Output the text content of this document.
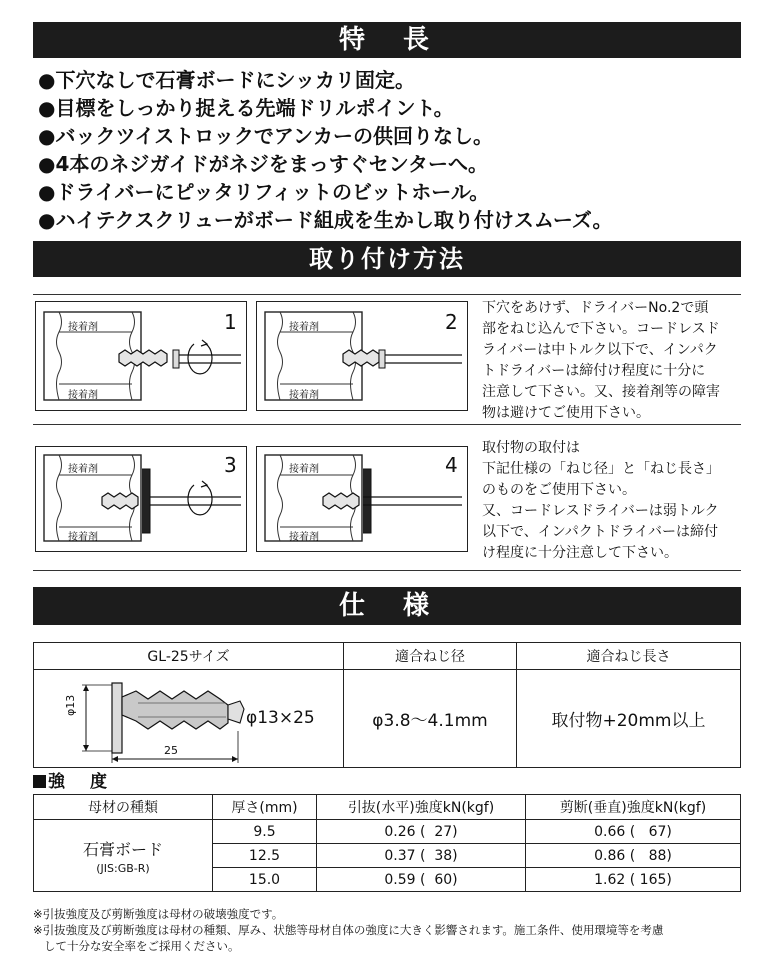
特　長
●下穴なしで石膏ボードにシッカリ固定。
●目標をしっかり捉える先端ドリルポイント。
●バックツイストロックでアンカーの供回りなし。
●4本のネジガイドがネジをまっすぐセンターへ。
●ドライバーにピッタリフィットのビットホール。
●ハイテクスクリューがボード組成を生かし取り付けスムーズ。
取り付け方法
接着剤
接着剤
1	接着剤
接着剤
2
接着剤
接着剤
3	接着剤
接着剤
4
下穴をあけず、ドライバーNo.2で頭
部をねじ込んで下さい。コードレスド
ライバーは中トルク以下で、インパク
トドライバーは締付け程度に十分に
注意して下さい。又、接着剤等の障害
物は避けてご使用下さい。
取付物の取付は
下記仕様の「ねじ径」と「ねじ長さ」
のものをご使用下さい。
又、コードレスドライバーは弱トルク
以下で、インパクトドライバーは締付
け程度に十分注意して下さい。
仕　様
GL-25サイズ	適合ねじ径	適合ねじ長さ

φ13
25
φ13×25	φ3.8〜4.1mm	取付物+20mm以上
強　度
母材の種類	厚さ(mm)	引抜(水平)強度kN(kgf)	剪断(垂直)強度kN(kgf)

石膏ボード
(JIS:GB-R)	9.5	0.26 (  27)	0.66 (   67)
	12.5	0.37 (  38)	0.86 (   88)
	15.0	0.59 (  60)	1.62 ( 165)
※引抜強度及び剪断強度は母材の破壊強度です。
※引抜強度及び剪断強度は母材の種類、厚み、状態等母材自体の強度に大きく影響されます。施工条件、使用環境等を考慮
して十分な安全率をご採用ください。
